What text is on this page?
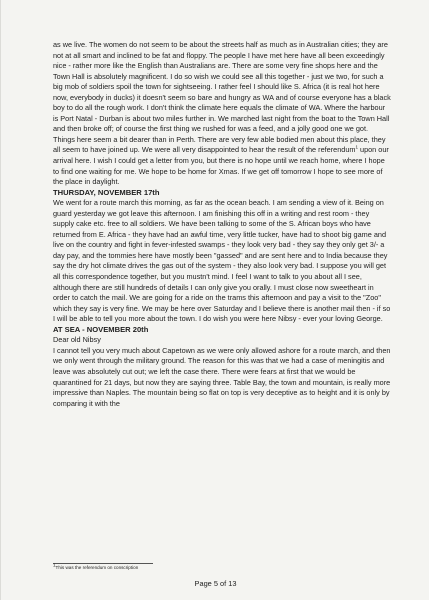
as we live. The women do not seem to be about the streets half as much as in Australian cities; they are not at all smart and inclined to be fat and floppy. The people I have met here have all been exceedingly nice - rather more like the English than Australians are. There are some very fine shops here and the Town Hall is absolutely magnificent. I do so wish we could see all this together - just we two, for such a big mob of soldiers spoil the town for sightseeing. I rather feel I should like S. Africa (it is real hot here now, everybody in ducks) it doesn't seem so bare and hungry as WA and of course everyone has a black boy to do all the rough work. I don't think the climate here equals the climate of WA. Where the harbour is Port Natal - Durban is about two miles further in. We marched last night from the boat to the Town Hall and then broke off; of course the first thing we rushed for was a feed, and a jolly good one we got. Things here seem a bit dearer than in Perth. There are very few able bodied men about this place, they all seem to have joined up. We were all very disappointed to hear the result of the referendum$^1$ upon our arrival here. I wish I could get a letter from you, but there is no hope until we reach home, where I hope to find one waiting for me. We hope to be home for Xmas. If we get off tomorrow I hope to see more of the place in daylight.

THURSDAY, NOVEMBER 17th

We went for a route march this morning, as far as the ocean beach. I am sending a view of it. Being on guard yesterday we got leave this afternoon. I am finishing this off in a writing and rest room - they supply cake etc. free to all soldiers. We have been talking to some of the S. African boys who have returned from E. Africa - they have had an awful time, very little tucker, have had to shoot big game and live on the country and fight in fever-infested swamps - they look very bad - they say they only get 3/- a day pay, and the tommies here have mostly been "gassed" and are sent here and to India because they say the dry hot climate drives the gas out of the system - they also look very bad. I suppose you will get all this correspondence together, but you mustn't mind. I feel I want to talk to you about all I see, although there are still hundreds of details I can only give you orally. I must close now sweetheart in order to catch the mail. We are going for a ride on the trams this afternoon and pay a visit to the "Zoo" which they say is very fine. We may be here over Saturday and I believe there is another mail then - if so I will be able to tell you more about the town. I do wish you were here Nibsy - ever your loving George.

AT SEA - NOVEMBER 20th

Dear old Nibsy

I cannot tell you very much about Capetown as we were only allowed ashore for a route march, and then we only went through the military ground. The reason for this was that we had a case of meningitis and leave was absolutely cut out; we left the case there. There were fears at first that we would be quarantined for 21 days, but now they are saying three. Table Bay, the town and mountain, is really more impressive than Naples. The mountain being so flat on top is very deceptive as to height and it is only by comparing it with the

$^1$This was the referendum on conscription
Page 5 of 13
